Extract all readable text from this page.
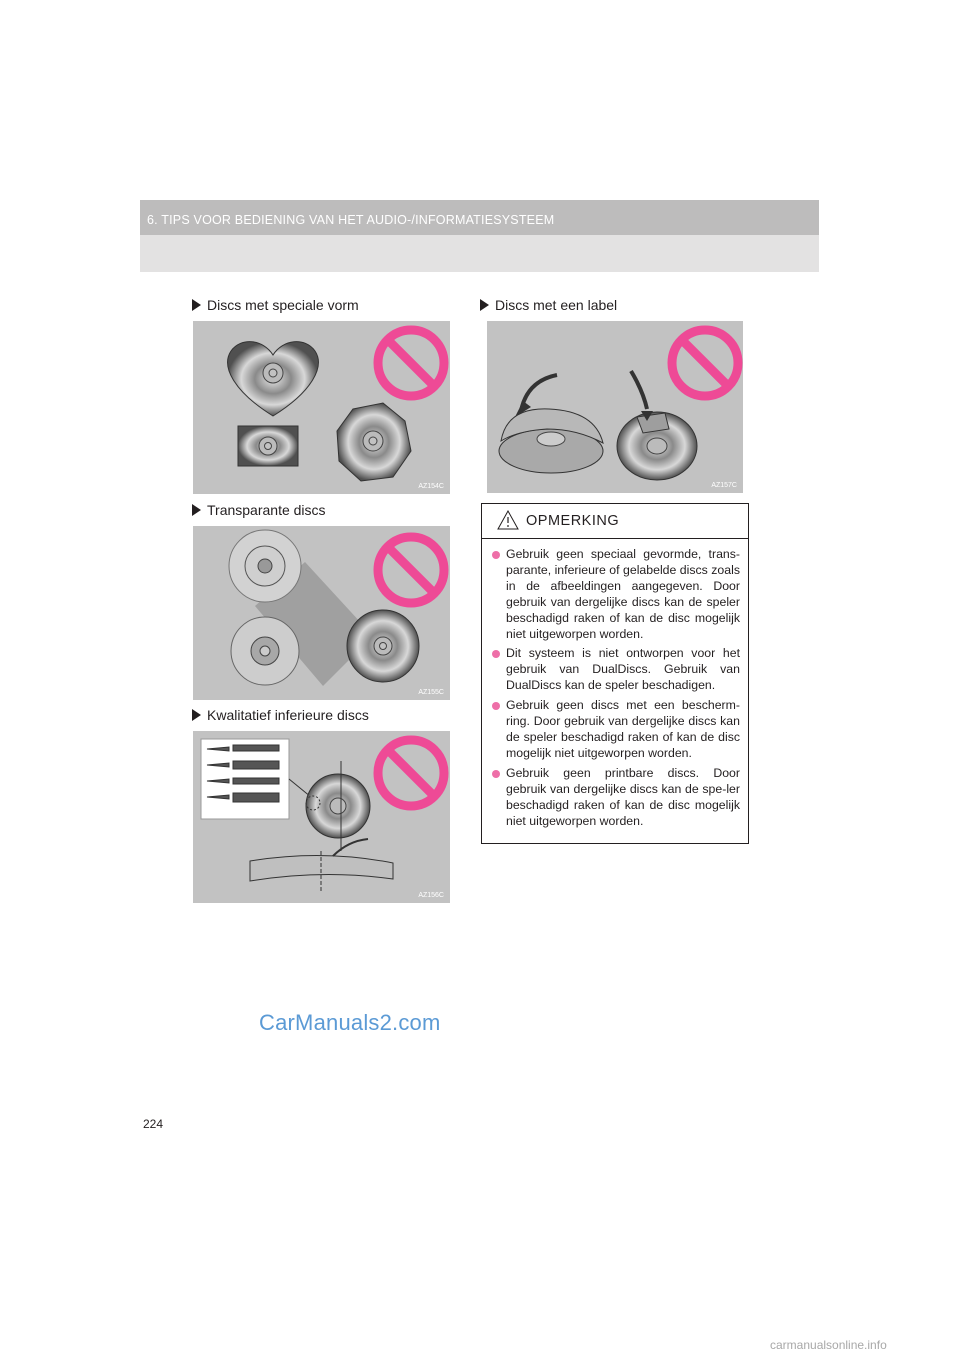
6. TIPS VOOR BEDIENING VAN HET AUDIO-/INFORMATIESYSTEEM
Discs met speciale vorm
AZ154C
Transparante discs
AZ155C
Kwalitatief inferieure discs
AZ156C
Discs met een label
AZ157C
OPMERKING
Gebruik geen speciaal gevormde, trans-parante, inferieure of gelabelde discs zoals in de afbeeldingen aangegeven. Door gebruik van dergelijke discs kan de speler beschadigd raken of kan de disc mogelijk niet uitgeworpen worden.
Dit systeem is niet ontworpen voor het gebruik van DualDiscs. Gebruik van DualDiscs kan de speler beschadigen.
Gebruik geen discs met een bescherm-ring. Door gebruik van dergelijke discs kan de speler beschadigd raken of kan de disc mogelijk niet uitgeworpen worden.
Gebruik geen printbare discs. Door gebruik van dergelijke discs kan de spe-ler beschadigd raken of kan de disc mogelijk niet uitgeworpen worden.
CarManuals2.com
224
carmanualsonline.info
